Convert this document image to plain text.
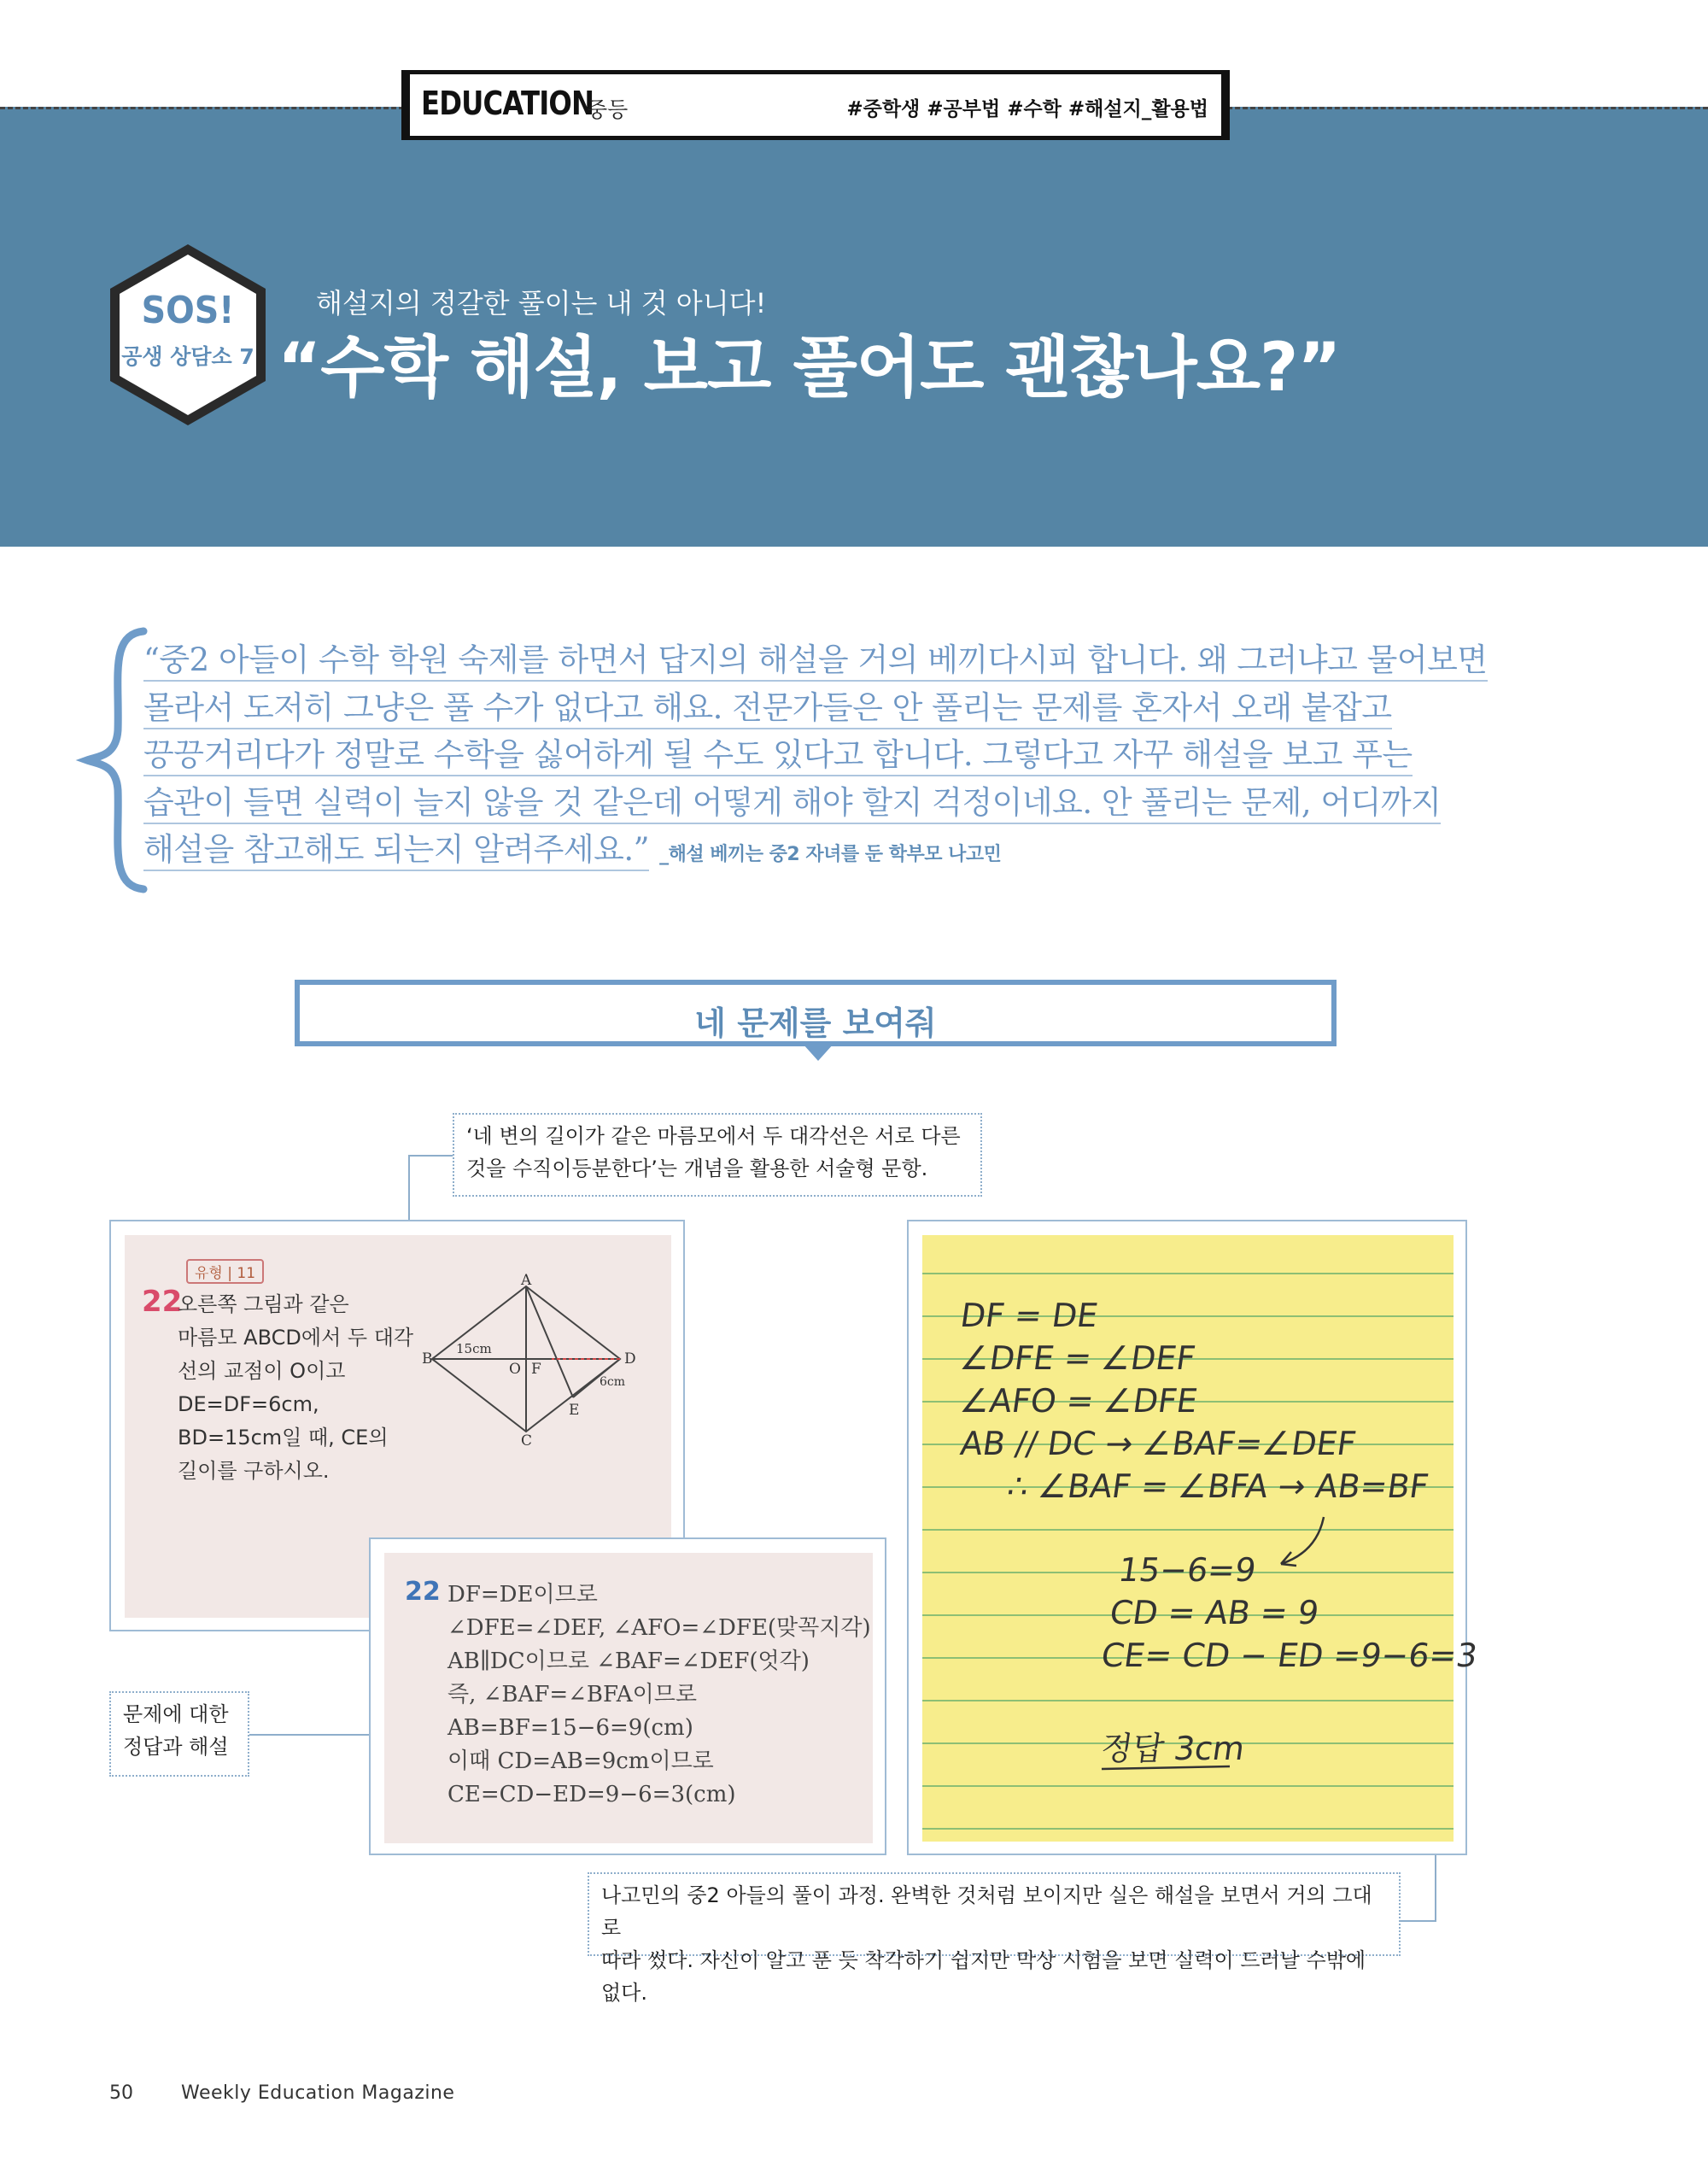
EDUCATION
중등	#중학생 #공부법 #수학 #해설지_활용법
SOS!
공생 상담소 7
해설지의 정갈한 풀이는 내 것 아니다!
“수학 해설, 보고 풀어도 괜찮나요?”
“중2 아들이 수학 학원 숙제를 하면서 답지의 해설을 거의 베끼다시피 합니다. 왜 그러냐고 물어보면
몰라서 도저히 그냥은 풀 수가 없다고 해요. 전문가들은 안 풀리는 문제를 혼자서 오래 붙잡고
끙끙거리다가 정말로 수학을 싫어하게 될 수도 있다고 합니다. 그렇다고 자꾸 해설을 보고 푸는
습관이 들면 실력이 늘지 않을 것 같은데 어떻게 해야 할지 걱정이네요. 안 풀리는 문제, 어디까지
해설을 참고해도 되는지 알려주세요.” _해설 베끼는 중2 자녀를 둔 학부모 나고민
네 문제를 보여줘
‘네 변의 길이가 같은 마름모에서 두 대각선은 서로 다른
것을 수직이등분한다’는 개념을 활용한 서술형 문항.
유형 | 11
22
오른쪽 그림과 같은
마름모 ABCD에서 두 대각
선의 교점이 O이고
DE=DF=6cm,
BD=15cm일 때, CE의
길이를 구하시오.
A
B
C
D
E
F
O
15cm
6cm
22 DF=DE이므로
∠DFE=∠DEF, ∠AFO=∠DFE(맞꼭지각)
AB∥DC이므로 ∠BAF=∠DEF(엇각)
즉, ∠BAF=∠BFA이므로
AB=BF=15−6=9(cm)
이때 CD=AB=9cm이므로
CE=CD−ED=9−6=3(cm)
문제에 대한
정답과 해설
DF = DE
∠DFE = ∠DEF
∠AFO = ∠DFE
AB // DC → ∠BAF=∠DEF
∴ ∠BAF = ∠BFA → AB=BF
15−6=9
CD = AB = 9
CE= CD − ED =9−6=3
정답 3cm
나고민의 중2 아들의 풀이 과정. 완벽한 것처럼 보이지만 실은 해설을 보면서 거의 그대로
따라 썼다. 자신이 알고 푼 듯 착각하기 쉽지만 막상 시험을 보면 실력이 드러날 수밖에 없다.
50	Weekly Education Magazine
